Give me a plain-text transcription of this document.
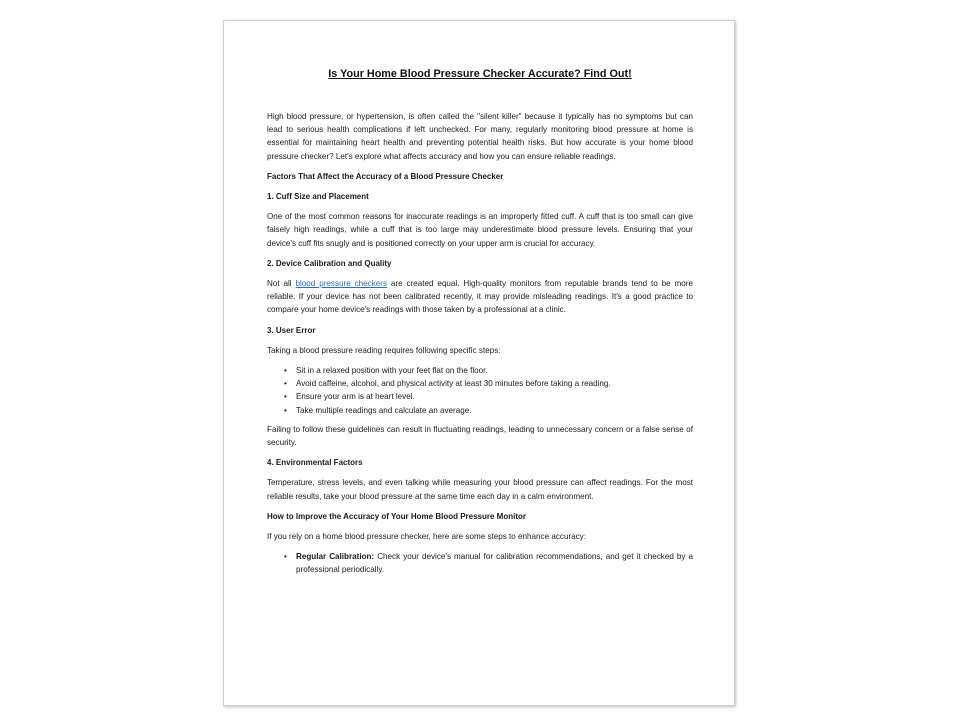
Is Your Home Blood Pressure Checker Accurate? Find Out!

High blood pressure, or hypertension, is often called the "silent killer" because it typically has no symptoms but can lead to serious health complications if left unchecked. For many, regularly monitoring blood pressure at home is essential for maintaining heart health and preventing potential health risks. But how accurate is your home blood pressure checker? Let's explore what affects accuracy and how you can ensure reliable readings.

Factors That Affect the Accuracy of a Blood Pressure Checker

1. Cuff Size and Placement

One of the most common reasons for inaccurate readings is an improperly fitted cuff. A cuff that is too small can give falsely high readings, while a cuff that is too large may underestimate blood pressure levels. Ensuring that your device's cuff fits snugly and is positioned correctly on your upper arm is crucial for accuracy.

2. Device Calibration and Quality

Not all blood pressure checkers are created equal. High-quality monitors from reputable brands tend to be more reliable. If your device has not been calibrated recently, it may provide misleading readings. It's a good practice to compare your home device's readings with those taken by a professional at a clinic.

3. User Error

Taking a blood pressure reading requires following specific steps:

• Sit in a relaxed position with your feet flat on the floor.
• Avoid caffeine, alcohol, and physical activity at least 30 minutes before taking a reading.
• Ensure your arm is at heart level.
• Take multiple readings and calculate an average.

Failing to follow these guidelines can result in fluctuating readings, leading to unnecessary concern or a false sense of security.

4. Environmental Factors

Temperature, stress levels, and even talking while measuring your blood pressure can affect readings. For the most reliable results, take your blood pressure at the same time each day in a calm environment.

How to Improve the Accuracy of Your Home Blood Pressure Monitor

If you rely on a home blood pressure checker, here are some steps to enhance accuracy:

• Regular Calibration: Check your device's manual for calibration recommendations, and get it checked by a professional periodically.
